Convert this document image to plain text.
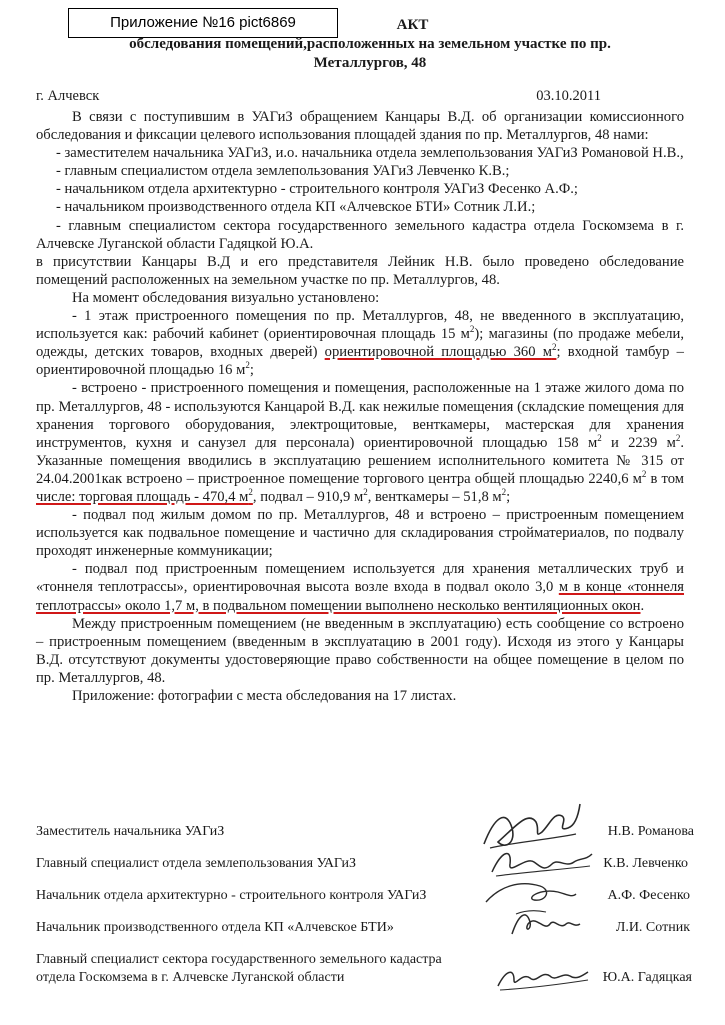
Приложение №16 pict6869	АКТ
обследования помещений,расположенных на земельном участке по пр.
Металлургов, 48
г. Алчевск	03.10.2011

В связи с поступившим в УАГиЗ обращением Канцары В.Д. об организации комиссионного обследования и фиксации целевого использования площадей здания по пр. Металлургов, 48 нами:

- заместителем начальника УАГиЗ, и.о. начальника отдела землепользования УАГиЗ Романовой Н.В.,

- главным специалистом отдела землепользования УАГиЗ Левченко К.В.;

- начальником отдела архитектурно - строительного контроля УАГиЗ Фесенко А.Ф.;

- начальником производственного отдела КП «Алчевское БТИ» Сотник Л.И.;

- главным специалистом сектора государственного земельного кадастра отдела Госкомзема в г. Алчевске Луганской области Гадяцкой Ю.А.

в присутствии Канцары В.Д и его представителя Лейник Н.В. было проведено обследование помещений расположенных на земельном участке по пр. Металлургов, 48.

На момент обследования визуально установлено:

- 1 этаж пристроенного помещения по пр. Металлургов, 48, не введенного в эксплуатацию, используется как: рабочий кабинет (ориентировочная площадь 15 $м^2$); магазины (по продаже мебели, одежды, детских товаров, входных дверей) ориентировочной площадью 360 $м^2$; входной тамбур – ориентировочной площадью 16 $м^2$;

- встроено - пристроенного помещения и помещения, расположенные на 1 этаже жилого дома по пр. Металлургов, 48 - используются Канцарой В.Д. как нежилые помещения (складские помещения для хранения торгового оборудования, электрощитовые, венткамеры, мастерская для хранения инструментов, кухня и санузел для персонала) ориентировочной площадью 158 $м^2$ и 2239 $м^2$. Указанные помещения вводились в эксплуатацию решением исполнительного комитета № 315 от 24.04.2001как встроено – пристроенное помещение торгового центра общей площадью 2240,6 $м^2$ в том числе: торговая площадь - 470,4 $м^2$, подвал – 910,9 $м^2$, венткамеры – 51,8 $м^2$;

- подвал под жилым домом по пр. Металлургов, 48 и встроено – пристроенным помещением используется как подвальное помещение и частично для складирования стройматериалов, по подвалу проходят инженерные коммуникации;

- подвал под пристроенным помещением используется для хранения металлических труб и «тоннеля теплотрассы», ориентировочная высота возле входа в подвал около 3,0 м в конце «тоннеля теплотрассы» около 1,7 м, в подвальном помещении выполнено несколько вентиляционных окон.

Между пристроенным помещением (не введенным в эксплуатацию) есть сообщение со встроено – пристроенным помещением (введенным в эксплуатацию в 2001 году). Исходя из этого у Канцары В.Д. отсутствуют документы удостоверяющие право собственности на общее помещение в целом по пр. Металлургов, 48.

Приложение: фотографии с места обследования на 17 листах.

Заместитель начальника УАГиЗ	Н.В. Романова
Главный специалист отдела землепользования УАГиЗ	К.В. Левченко
Начальник отдела архитектурно - строительного контроля УАГиЗ	А.Ф. Фесенко
Начальник производственного отдела КП «Алчевское БТИ»	Л.И. Сотник
Главный специалист сектора государственного земельного кадастра
отдела Госкомзема в г. Алчевске Луганской области	Ю.А. Гадяцкая
